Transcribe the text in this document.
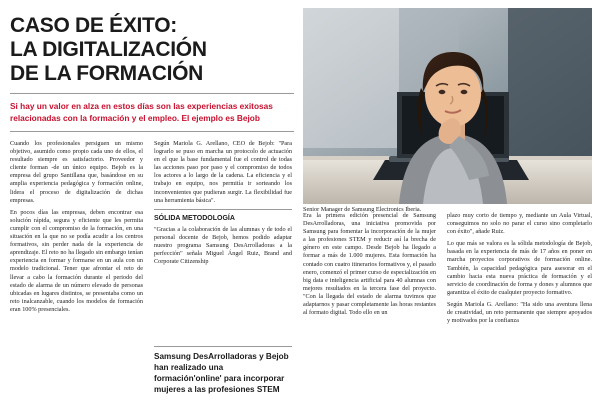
CASO DE ÉXITO:
LA DIGITALIZACIÓN
DE LA FORMACIÓN
Si hay un valor en alza en estos días son las experiencias exitosas relacionadas con la formación y el empleo. El ejemplo es Bejob
Senior Manager de Samsung Electronics Iberia.

Cuando los profesionales persiguen un mismo objetivo, asumido como propio cada uno de ellos, el resultado siempre es satisfactorio. Proveedor y cliente forman -de un único equipo. Bejob es la empresa del grupo Santillana que, basándose en su amplia experiencia pedagógica y formación online, lidera el proceso de digitalización de dichas empresas.

En pocos días las empresas, deben encontrar esa solución rápida, segura y eficiente que les permita cumplir con el compromiso de la formación, en una situación en la que no se podía acudir a los centros formativos, sin perder nada de la experiencia de aprendizaje. El reto no ha llegado sin embargo tenían experiencia en formar y formarse en un aula con un modelo tradicional. Tener que afrontar el reto de llevar a cabo la formación durante el periodo del estado de alarma de un número elevado de personas ubicadas en lugares distintos, se presentaba como un reto inalcanzable, cuando los modelos de formación eran 100% presenciales.

Según Mariola G. Arellano, CEO de Bejob: "Para lograrlo se puso en marcha un protocolo de actuación en el que la base fundamental fue el control de todas las acciones paso por paso y el compromiso de todos los actores a lo largo de la cadena. La eficiencia y el trabajo en equipo, nos permitía ir sorteando los inconvenientes que pudieran surgir. La flexibilidad fue una herramienta básica".

SÓLIDA METODOLOGÍA

"Gracias a la colaboración de las alumnas y de todo el personal docente de Bejob, hemos podido adaptar nuestro programa Samsung DesArrolladoras a la perfección" señala Miguel Ángel Ruiz, Brand and Corporate Citizenship

Era la primera edición presencial de Samsung DesArrolladoras, una iniciativa promovida por Samsung para fomentar la incorporación de la mujer a las profesiones STEM y reducir así la brecha de género en este campo. Desde Bejob ha llegado a formar a más de 1.000 mujeres. Esta formación ha contado con cuatro itinerarios formativos y, el pasado enero, comenzó el primer curso de especialización en big data e inteligencia artificial para 40 alumnas con mejores resultados en la tercera fase del proyecto. "Con la llegada del estado de alarma tuvimos que adaptarnos y pasar completamente las horas restantes al formato digital. Todo ello en un

plazo muy corto de tiempo y, mediante un Aula Virtual, conseguimos no solo no parar el curso sino completarlo con éxito", añade Ruiz.

Lo que más se valora es la sólida metodología de Bejob, basada en la experiencia de más de 17 años en poner en marcha proyectos corporativos de formación online. También, la capacidad pedagógica para asesorar en el cambio hacia esta nueva práctica de formación y el servicio de coordinación de forma y dones y alumnos que garantiza el éxito de cualquier proyecto formativo.

Según Mariola G. Arellano: "Ha sido una aventura llena de creatividad, un reto permanente que siempre apoyados y motivados por la confianza

Samsung DesArrolladoras y Bejob han realizado una formación'online' para incorporar mujeres a las profesiones STEM
